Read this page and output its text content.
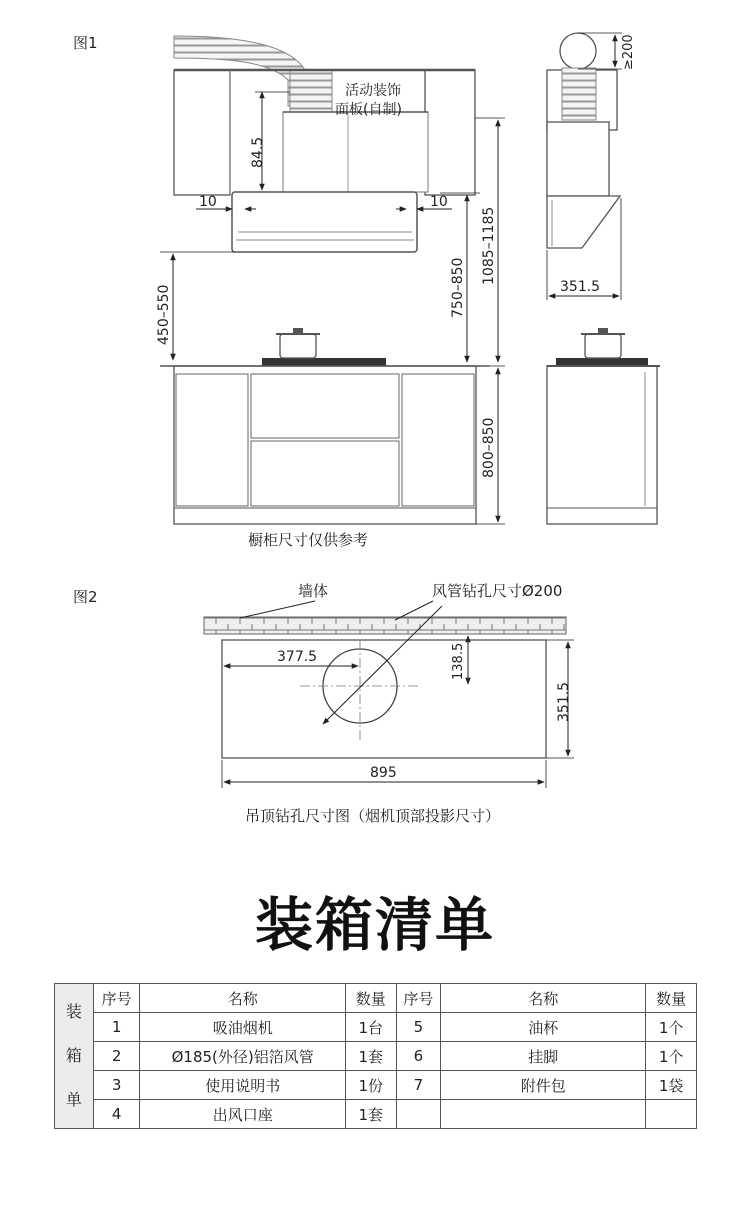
图1
活动装饰
面板(自制)
84.5
10	10
450–550	750–850
1085–1185
800–850
橱柜尺寸仅供参考
≥200
351.5
图2	墙体	风管钻孔尺寸Ø200
377.5	138.5
351.5
895
吊顶钻孔尺寸图（烟机顶部投影尺寸）
装箱清单
装
箱
单	序号	名称	数量	序号	名称	数量
	1	吸油烟机	1台	5	油杯	1个
	2	Ø185(外径)铝箔风管	1套	6	挂脚	1个
	3	使用说明书	1份	7	附件包	1袋
	4	出风口座	1套			
